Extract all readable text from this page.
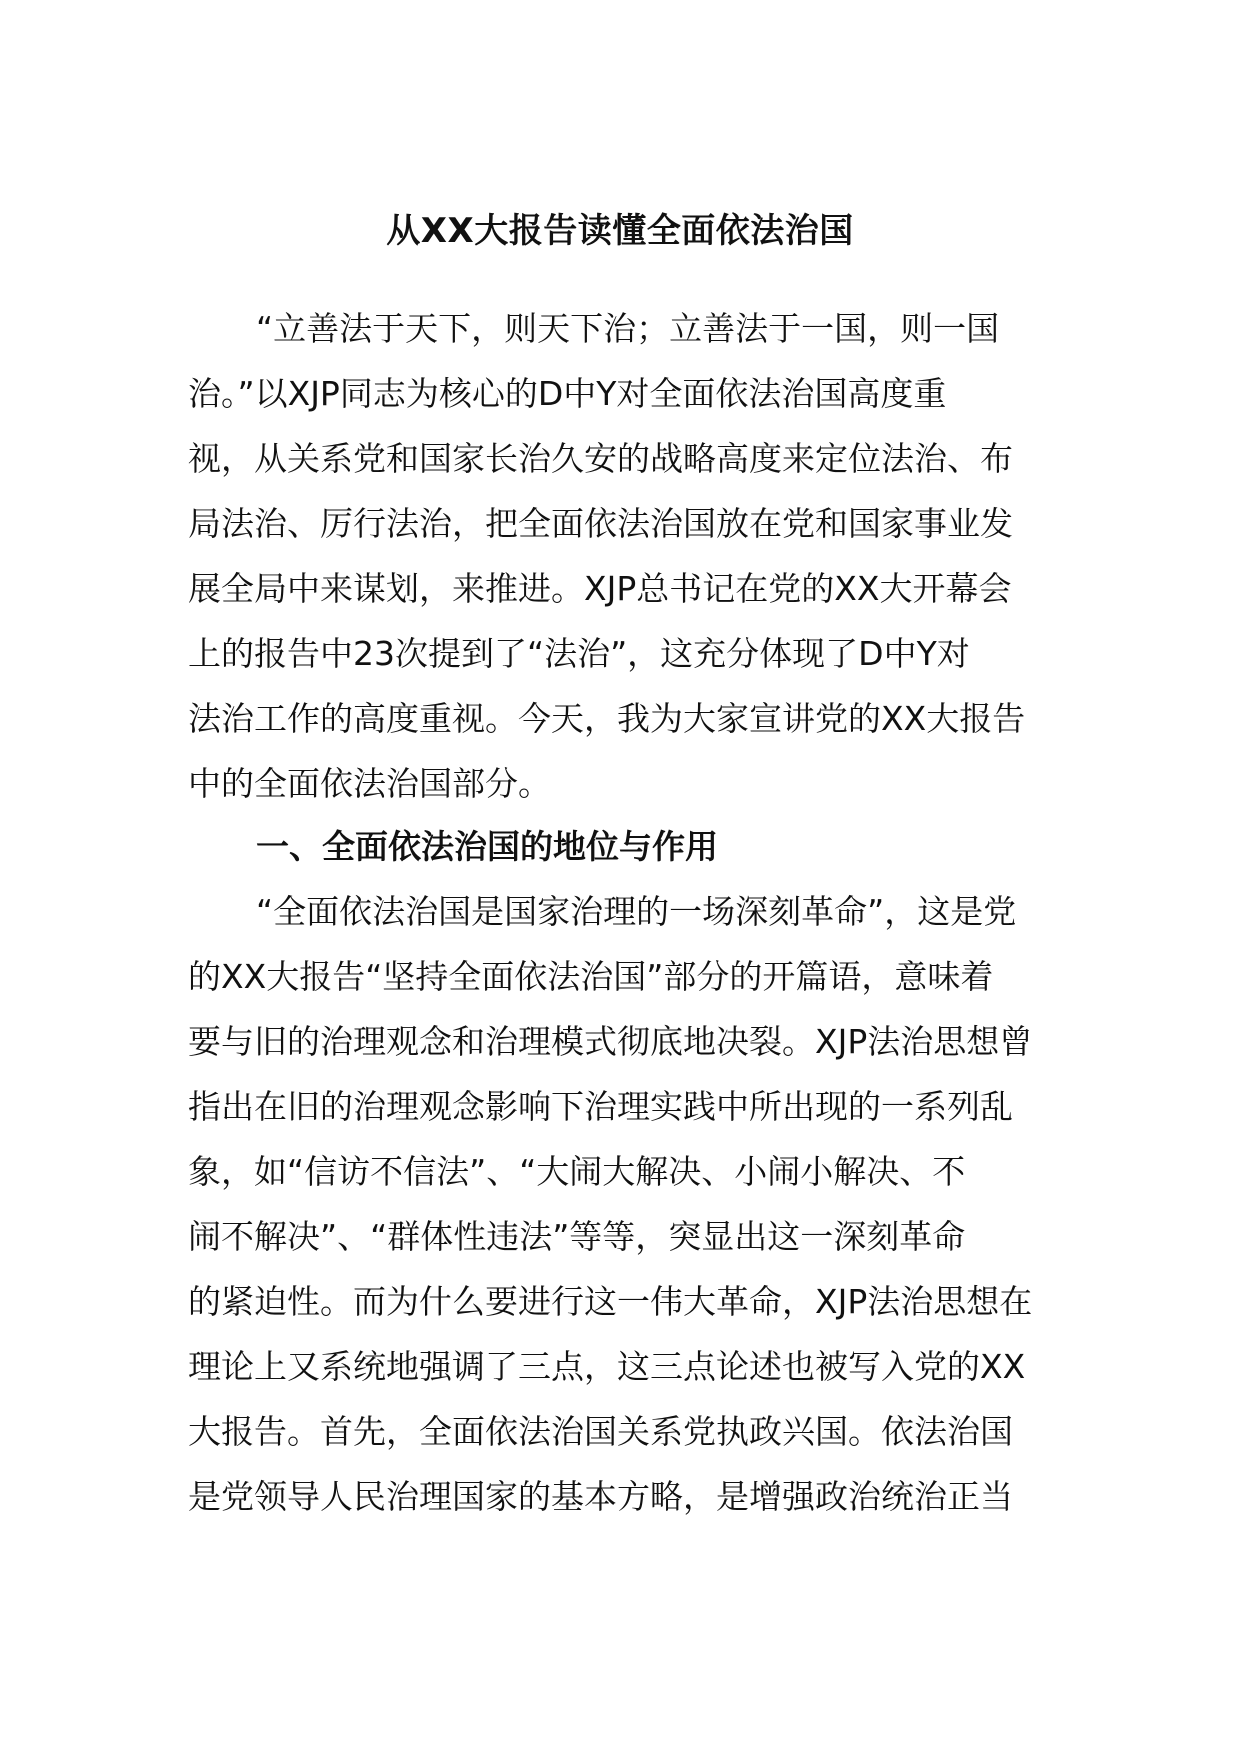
从XX大报告读懂全面依法治国
“立善法于天下，则天下治；立善法于一国，则一国
治。”以XJP同志为核心的D中Y对全面依法治国高度重
视，从关系党和国家长治久安的战略高度来定位法治、布
局法治、厉行法治，把全面依法治国放在党和国家事业发
展全局中来谋划，来推进。XJP总书记在党的XX大开幕会
上的报告中23次提到了“法治”，这充分体现了D中Y对
法治工作的高度重视。今天，我为大家宣讲党的XX大报告
中的全面依法治国部分。
一、全面依法治国的地位与作用
“全面依法治国是国家治理的一场深刻革命”，这是党
的XX大报告“坚持全面依法治国”部分的开篇语，意味着
要与旧的治理观念和治理模式彻底地决裂。XJP法治思想曾
指出在旧的治理观念影响下治理实践中所出现的一系列乱
象，如“信访不信法”、“大闹大解决、小闹小解决、不
闹不解决”、“群体性违法”等等，突显出这一深刻革命
的紧迫性。而为什么要进行这一伟大革命，XJP法治思想在
理论上又系统地强调了三点，这三点论述也被写入党的XX
大报告。首先，全面依法治国关系党执政兴国。依法治国
是党领导人民治理国家的基本方略，是增强政治统治正当
